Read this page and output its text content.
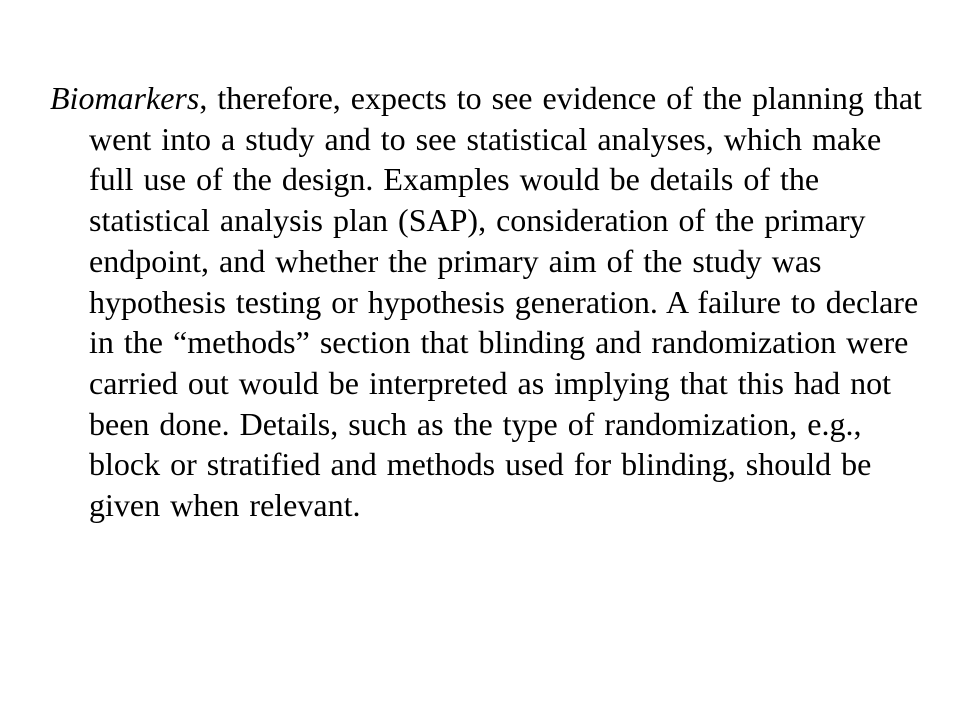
Biomarkers, therefore, expects to see evidence of the planning that went into a study and to see statistical analyses, which make full use of the design. Examples would be details of the statistical analysis plan (SAP), consideration of the primary endpoint, and whether the primary aim of the study was hypothesis testing or hypothesis generation. A failure to declare in the “methods” section that blinding and randomization were carried out would be interpreted as implying that this had not been done. Details, such as the type of randomization, e.g., block or stratified and methods used for blinding, should be given when relevant.
